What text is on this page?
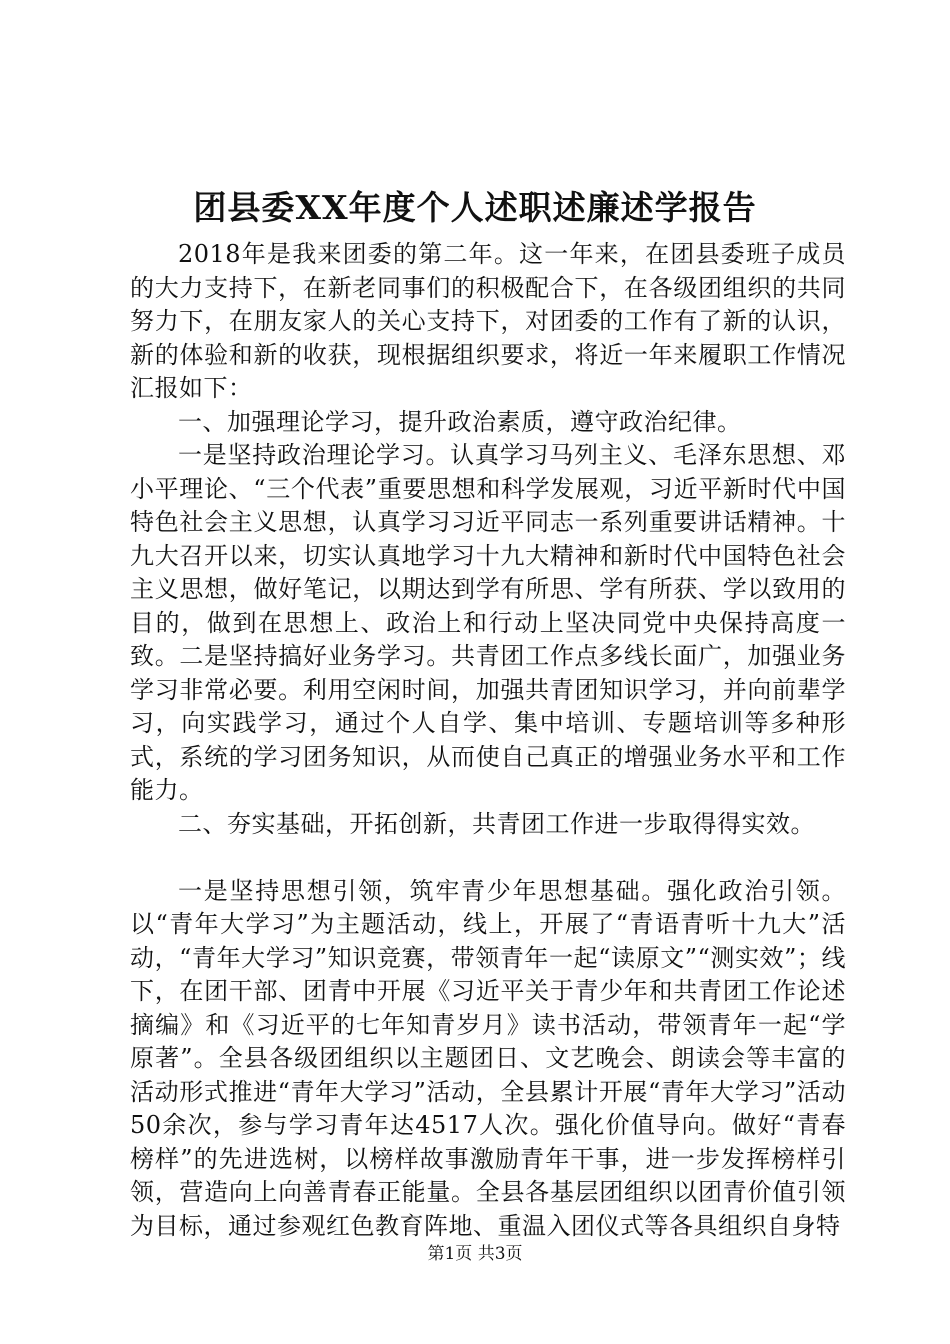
团县委XX年度个人述职述廉述学报告

2018年是我来团委的第二年。这一年来，在团县委班子成员的大力支持下，在新老同事们的积极配合下，在各级团组织的共同努力下，在朋友家人的关心支持下，对团委的工作有了新的认识，新的体验和新的收获，现根据组织要求，将近一年来履职工作情况汇报如下：

一、加强理论学习，提升政治素质，遵守政治纪律。

一是坚持政治理论学习。认真学习马列主义、毛泽东思想、邓小平理论、“三个代表”重要思想和科学发展观，习近平新时代中国特色社会主义思想，认真学习习近平同志一系列重要讲话精神。十九大召开以来，切实认真地学习十九大精神和新时代中国特色社会主义思想，做好笔记，以期达到学有所思、学有所获、学以致用的目的，做到在思想上、政治上和行动上坚决同党中央保持高度一致。二是坚持搞好业务学习。共青团工作点多线长面广，加强业务学习非常必要。利用空闲时间，加强共青团知识学习，并向前辈学习，向实践学习，通过个人自学、集中培训、专题培训等多种形式，系统的学习团务知识，从而使自己真正的增强业务水平和工作能力。

二、夯实基础，开拓创新，共青团工作进一步取得得实效。

一是坚持思想引领，筑牢青少年思想基础。强化政治引领。以“青年大学习”为主题活动，线上，开展了“青语青听十九大”活动，“青年大学习”知识竞赛，带领青年一起“读原文”“测实效”；线下，在团干部、团青中开展《习近平关于青少年和共青团工作论述摘编》和《习近平的七年知青岁月》读书活动，带领青年一起“学原著”。全县各级团组织以主题团日、文艺晚会、朗读会等丰富的活动形式推进“青年大学习”活动，全县累计开展“青年大学习”活动50余次，参与学习青年达4517人次。强化价值导向。做好“青春榜样”的先进选树，以榜样故事激励青年干事，进一步发挥榜样引领，营造向上向善青春正能量。全县各基层团组织以团青价值引领为目标，通过参观红色教育阵地、重温入团仪式等各具组织自身特

第1页 共3页
